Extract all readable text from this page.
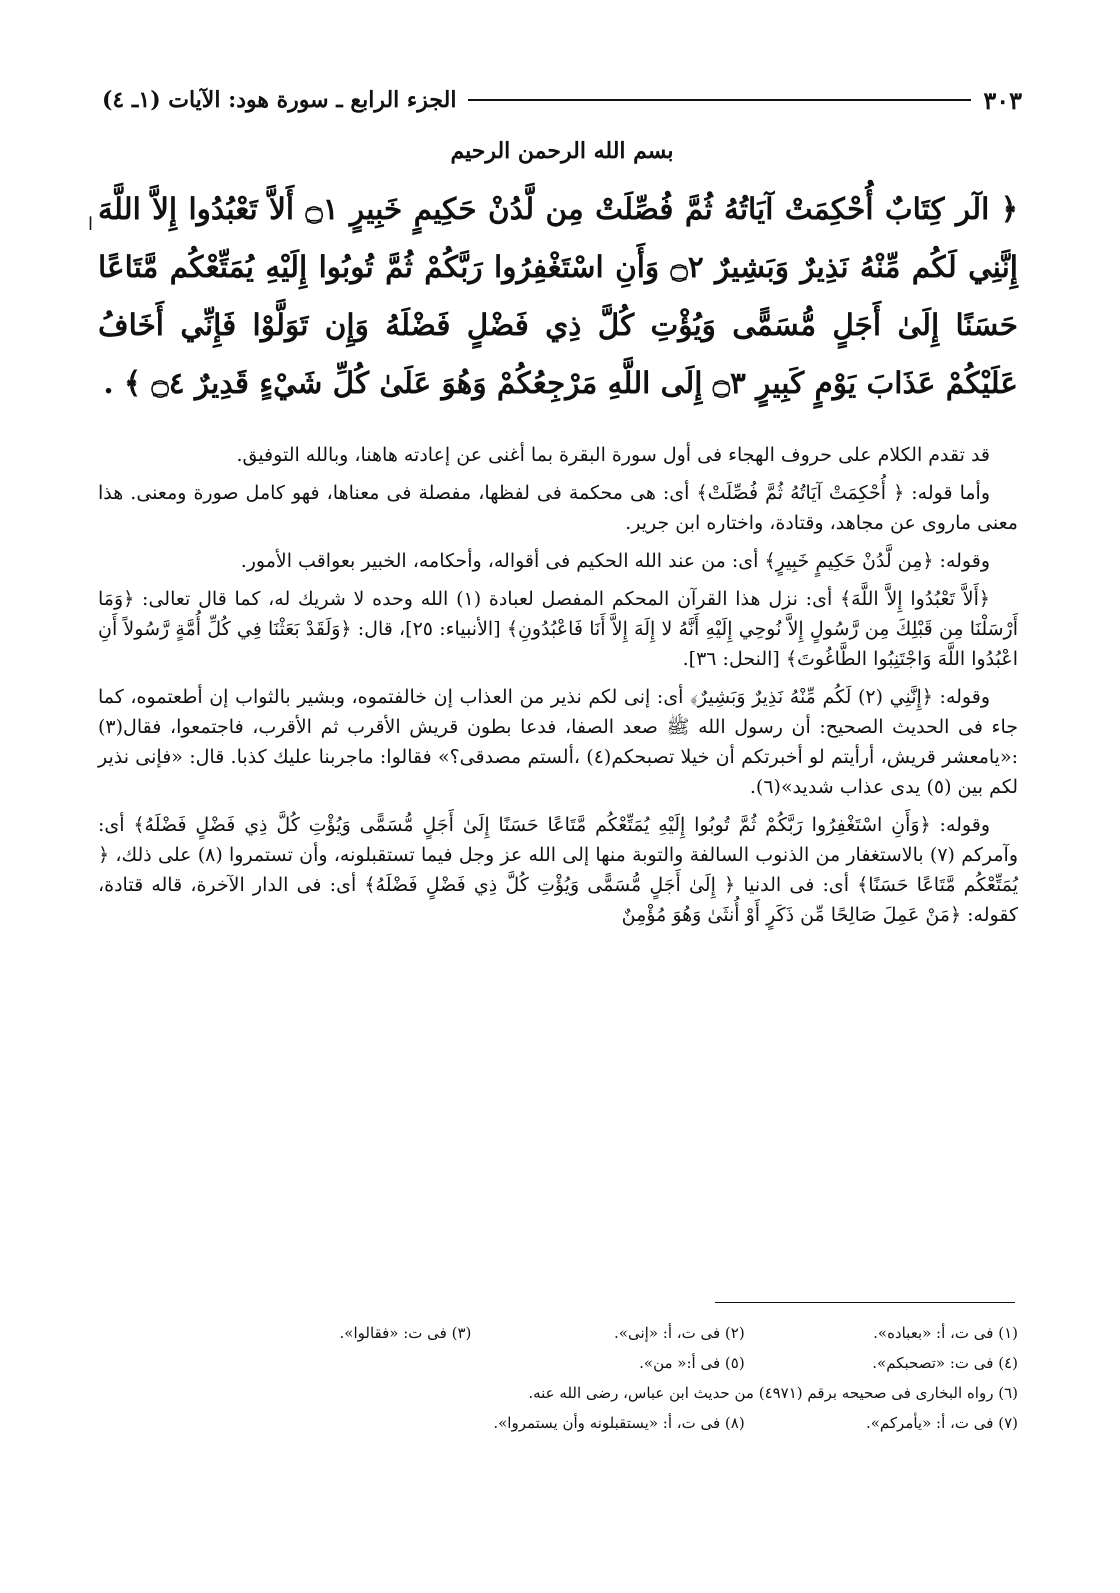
الجزء الرابع ـ سورة هود: الآيات (١ـ ٤)	٣٠٣
بسم الله الرحمن الرحيم

﴿ الٓر كِتَابٌ أُحْكِمَتْ آيَاتُهُ ثُمَّ فُصِّلَتْ مِن لَّدُنْ حَكِيمٍ خَبِيرٍ ۝١ أَلاَّ تَعْبُدُوا إِلاَّ اللَّهَ إِنَّنِي لَكُم مِّنْهُ نَذِيرٌ وَبَشِيرٌ ۝٢ وَأَنِ اسْتَغْفِرُوا رَبَّكُمْ ثُمَّ تُوبُوا إِلَيْهِ يُمَتِّعْكُم مَّتَاعًا حَسَنًا إِلَىٰ أَجَلٍ مُّسَمًّى وَيُؤْتِ كُلَّ ذِي فَضْلٍ فَضْلَهُ وَإِن تَوَلَّوْا فَإِنِّي أَخَافُ عَلَيْكُمْ عَذَابَ يَوْمٍ كَبِيرٍ ۝٣ إِلَى اللَّهِ مَرْجِعُكُمْ وَهُوَ عَلَىٰ كُلِّ شَيْءٍ قَدِيرٌ ۝٤ ﴾ .

ا

قد تقدم الكلام على حروف الهجاء فى أول سورة البقرة بما أغنى عن إعادته هاهنا، وبالله التوفيق.

وأما قوله: ﴿ أُحْكِمَتْ آيَاتُهُ ثُمَّ فُصِّلَتْ﴾ أى: هى محكمة فى لفظها، مفصلة فى معناها، فهو كامل صورة ومعنى. هذا معنى ماروى عن مجاهد، وقتادة، واختاره ابن جرير.

وقوله: ﴿مِن لَّدُنْ حَكِيمٍ خَبِيرٍ﴾ أى: من عند الله الحكيم فى أقواله، وأحكامه، الخبير بعواقب الأمور.

﴿أَلاَّ تَعْبُدُوا إِلاَّ اللَّهَ﴾ أى: نزل هذا القرآن المحكم المفصل لعبادة (١) الله وحده لا شريك له، كما قال تعالى: ﴿وَمَا أَرْسَلْنَا مِن قَبْلِكَ مِن رَّسُولٍ إِلاَّ نُوحِي إِلَيْهِ أَنَّهُ لا إِلَهَ إِلاَّ أَنَا فَاعْبُدُونِ﴾ [الأنبياء: ٢٥]، قال: ﴿وَلَقَدْ بَعَثْنَا فِي كُلِّ أُمَّةٍ رَّسُولاً أَنِ اعْبُدُوا اللَّهَ وَاجْتَنِبُوا الطَّاغُوتَ﴾ [النحل: ٣٦].

وقوله: ﴿إِنَّنِي (٢) لَكُم مِّنْهُ نَذِيرٌ وَبَشِيرٌ﴾ أى: إنى لكم نذير من العذاب إن خالفتموه، وبشير بالثواب إن أطعتموه، كما جاء فى الحديث الصحيح: أن رسول الله ﷺ صعد الصفا، فدعا بطون قريش الأقرب ثم الأقرب، فاجتمعوا، فقال(٣) :«يامعشر قريش، أرأيتم لو أخبرتكم أن خيلا تصبحكم(٤) ،ألستم مصدقى؟» فقالوا: ماجربنا عليك كذبا. قال: «فإنى نذير لكم بين (٥) يدى عذاب شديد»(٦).

وقوله: ﴿وَأَنِ اسْتَغْفِرُوا رَبَّكُمْ ثُمَّ تُوبُوا إِلَيْهِ يُمَتِّعْكُم مَّتَاعًا حَسَنًا إِلَىٰ أَجَلٍ مُّسَمًّى وَيُؤْتِ كُلَّ ذِي فَضْلٍ فَضْلَهُ﴾ أى: وآمركم (٧) بالاستغفار من الذنوب السالفة والتوبة منها إلى الله عز وجل فيما تستقبلونه، وأن تستمروا (٨) على ذلك، ﴿ يُمَتِّعْكُم مَّتَاعًا حَسَنًا﴾ أى: فى الدنيا ﴿ إِلَىٰ أَجَلٍ مُّسَمًّى وَيُؤْتِ كُلَّ ذِي فَضْلٍ فَضْلَهُ﴾ أى: فى الدار الآخرة، قاله قتادة، كقوله: ﴿مَنْ عَمِلَ صَالِحًا مِّن ذَكَرٍ أَوْ أُنثَىٰ وَهُوَ مُؤْمِنٌ

(١) فى ت، أ: «بعباده».
(٢) فى ت، أ: «إنى».
(٣) فى ت: «فقالوا».
(٤) فى ت: «تصحبكم».
(٥) فى أ:« من».
(٦) رواه البخارى فى صحيحه برقم (٤٩٧١) من حديث ابن عباس، رضى الله عنه.
(٧) فى ت، أ: «يأمركم».
(٨) فى ت، أ: «يستقبلونه وأن يستمروا».
